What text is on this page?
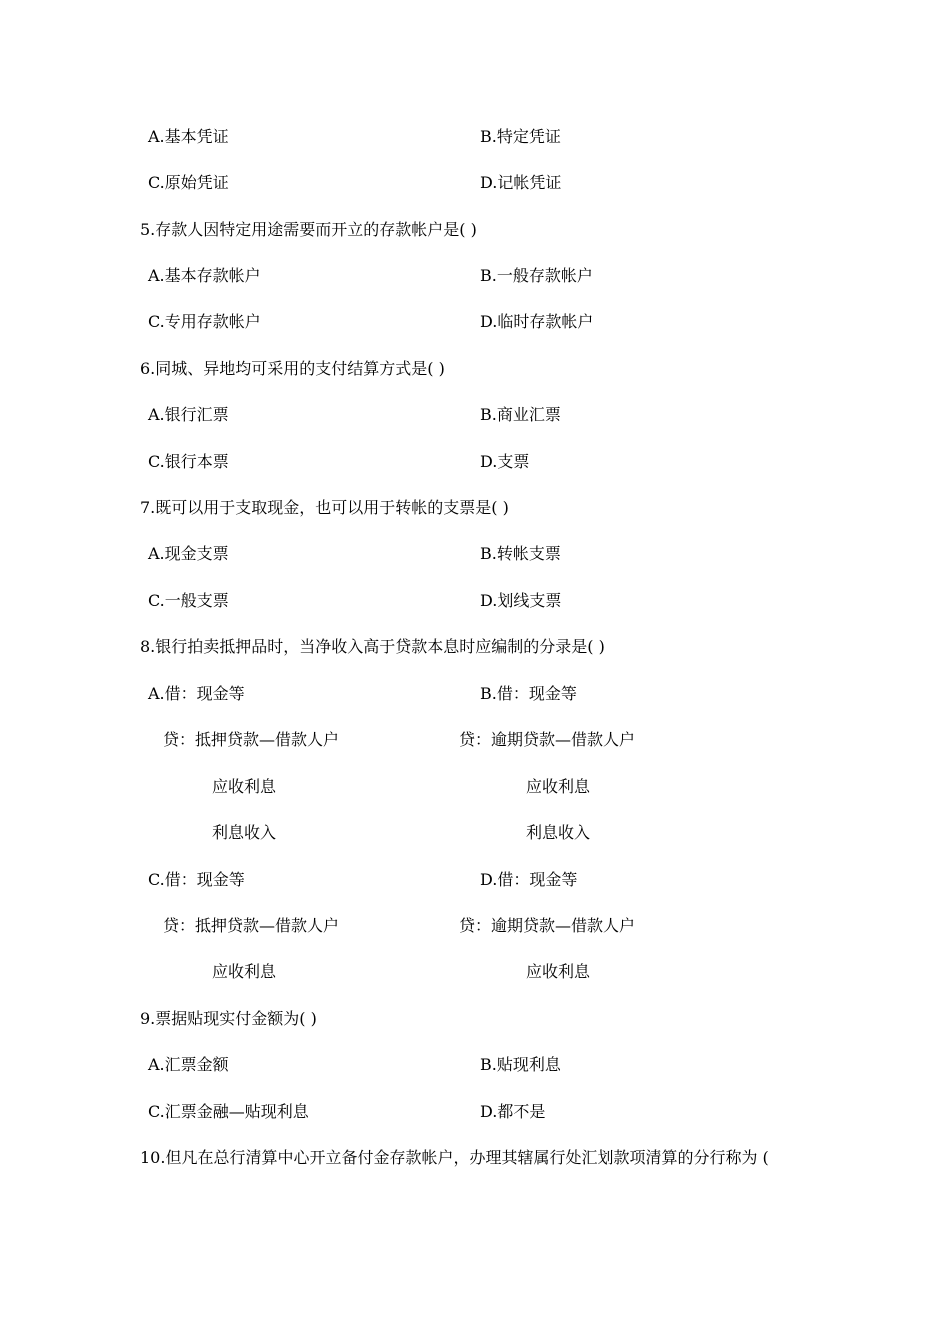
A.基本凭证	B.特定凭证
C.原始凭证	D.记帐凭证
5.存款人因特定用途需要而开立的存款帐户是( )
A.基本存款帐户	B.一般存款帐户
C.专用存款帐户	D.临时存款帐户
6.同城、异地均可采用的支付结算方式是( )
A.银行汇票	B.商业汇票
C.银行本票	D.支票
7.既可以用于支取现金，也可以用于转帐的支票是( )
A.现金支票	B.转帐支票
C.一般支票	D.划线支票
8.银行拍卖抵押品时，当净收入高于贷款本息时应编制的分录是( )
A.借：现金等	B.借：现金等
贷：抵押贷款—借款人户	贷：逾期贷款—借款人户
应收利息	应收利息
利息收入	利息收入
C.借：现金等	D.借：现金等
贷：抵押贷款—借款人户	贷：逾期贷款—借款人户
应收利息	应收利息
9.票据贴现实付金额为( )
A.汇票金额	B.贴现利息
C.汇票金融—贴现利息	D.都不是
10.但凡在总行清算中心开立备付金存款帐户，办理其辖属行处汇划款项清算的分行称为 (
